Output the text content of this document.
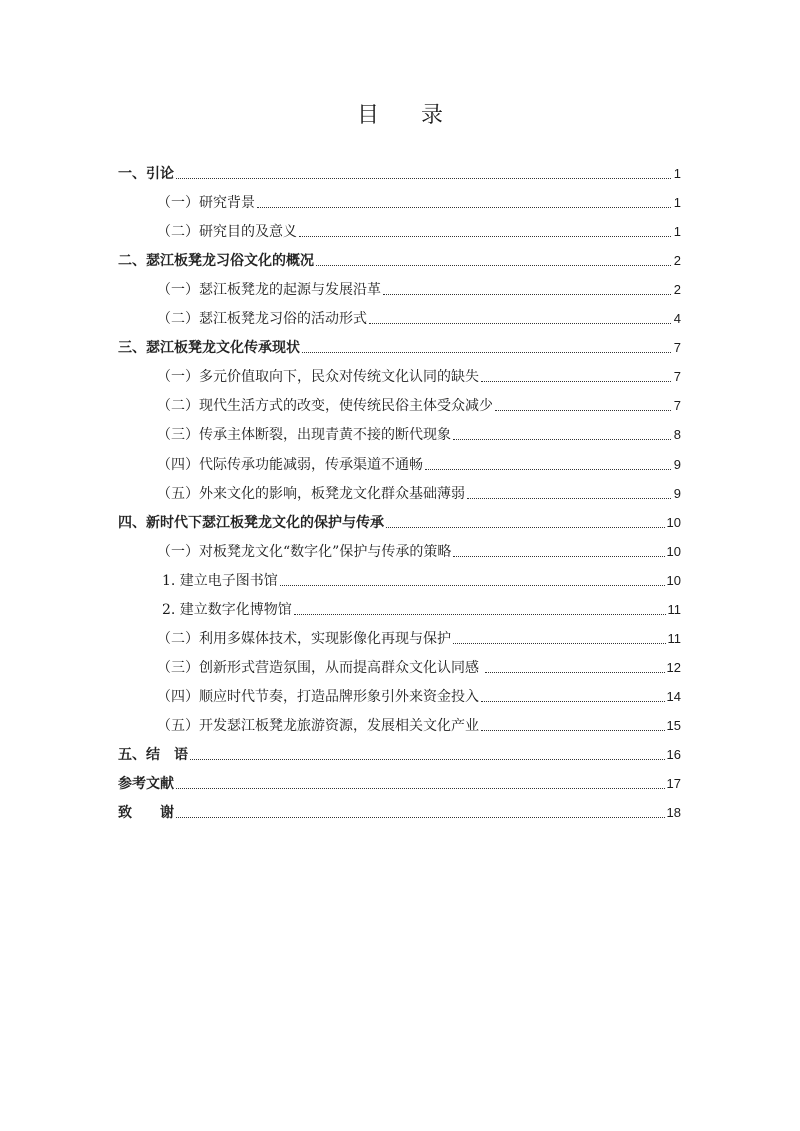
目 录
一、引论	1
（一）研究背景	1
（二）研究目的及意义	1
二、瑟江板凳龙习俗文化的概况	2
（一）瑟江板凳龙的起源与发展沿革	2
（二）瑟江板凳龙习俗的活动形式	4
三、瑟江板凳龙文化传承现状	7
（一）多元价值取向下，民众对传统文化认同的缺失	7
（二）现代生活方式的改变，使传统民俗主体受众减少	7
（三）传承主体断裂，出现青黄不接的断代现象	8
（四）代际传承功能减弱，传承渠道不通畅	9
（五）外来文化的影响，板凳龙文化群众基础薄弱	9
四、新时代下瑟江板凳龙文化的保护与传承	10
（一）对板凳龙文化“数字化”保护与传承的策略	10
1. 建立电子图书馆	10
2. 建立数字化博物馆	11
（二）利用多媒体技术，实现影像化再现与保护	11
（三）创新形式营造氛围，从而提高群众文化认同感	12
（四）顺应时代节奏，打造品牌形象引外来资金投入	14
（五）开发瑟江板凳龙旅游资源，发展相关文化产业	15
五、结　语	16
参考文献	17
致　　谢	18
